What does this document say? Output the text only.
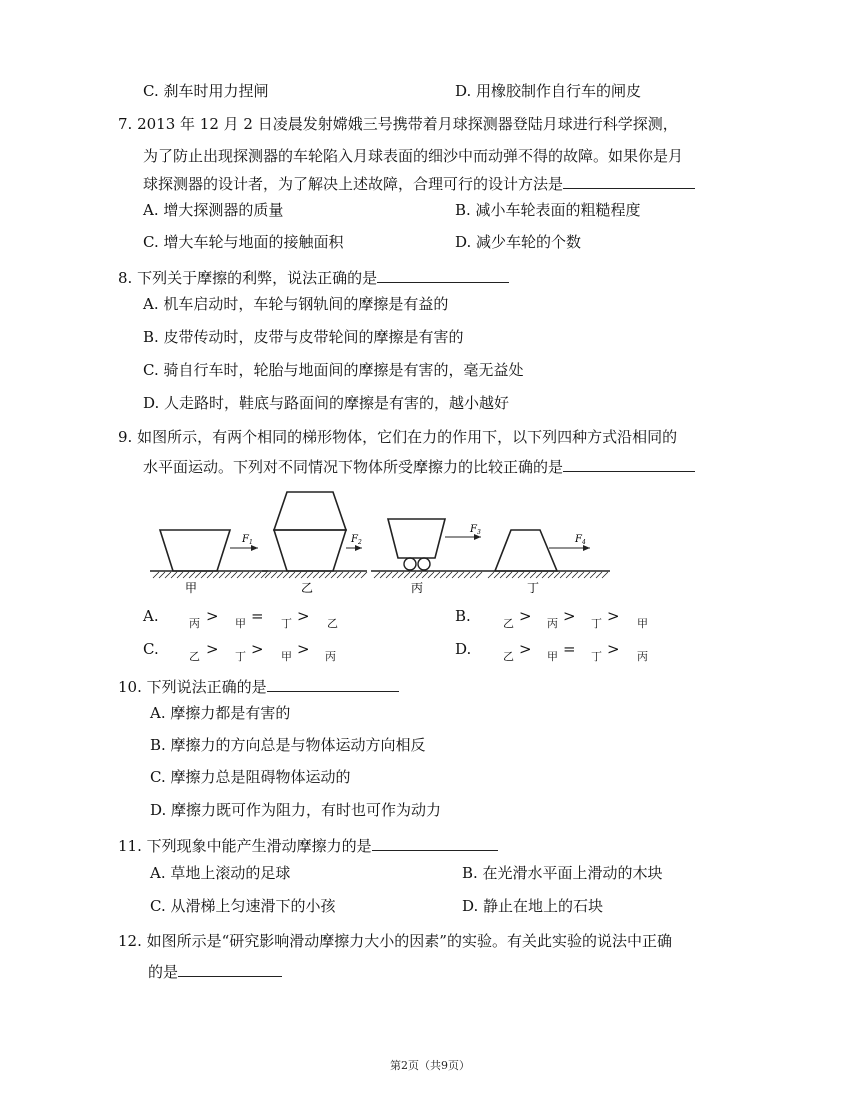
C. 刹车时用力捏闸	D. 用橡胶制作自行车的闸皮
7. 2013 年 12 月 2 日凌晨发射嫦娥三号携带着月球探测器登陆月球进行科学探测，
为了防止出现探测器的车轮陷入月球表面的细沙中而动弹不得的故障。如果你是月
球探测器的设计者，为了解决上述故障，合理可行的设计方法是
A. 增大探测器的质量	B. 减小车轮表面的粗糙程度
C. 增大车轮与地面的接触面积	D. 减少车轮的个数
8. 下列关于摩擦的利弊，说法正确的是
A. 机车启动时，车轮与钢轨间的摩擦是有益的
B. 皮带传动时，皮带与皮带轮间的摩擦是有害的
C. 骑自行车时，轮胎与地面间的摩擦是有害的，毫无益处
D. 人走路时，鞋底与路面间的摩擦是有害的，越小越好
9. 如图所示，有两个相同的梯形物体，它们在力的作用下，以下列四种方式沿相同的
水平面运动。下列对不同情况下物体所受摩擦力的比较正确的是
$F_1$
甲
$F_2$
乙
$F_3$
丙
$F_4$
丁
A.	丙 > 甲 = 丁 > 乙	B.	乙 > 丙 > 丁 > 甲
C.	乙 > 丁 > 甲 > 丙	D.	乙 > 甲 = 丁 > 丙
10. 下列说法正确的是
A. 摩擦力都是有害的
B. 摩擦力的方向总是与物体运动方向相反
C. 摩擦力总是阻碍物体运动的
D. 摩擦力既可作为阻力，有时也可作为动力
11. 下列现象中能产生滑动摩擦力的是
A. 草地上滚动的足球	B. 在光滑水平面上滑动的木块
C. 从滑梯上匀速滑下的小孩	D. 静止在地上的石块
12. 如图所示是“研究影响滑动摩擦力大小的因素”的实验。有关此实验的说法中正确
的是
第2页（共9页）
